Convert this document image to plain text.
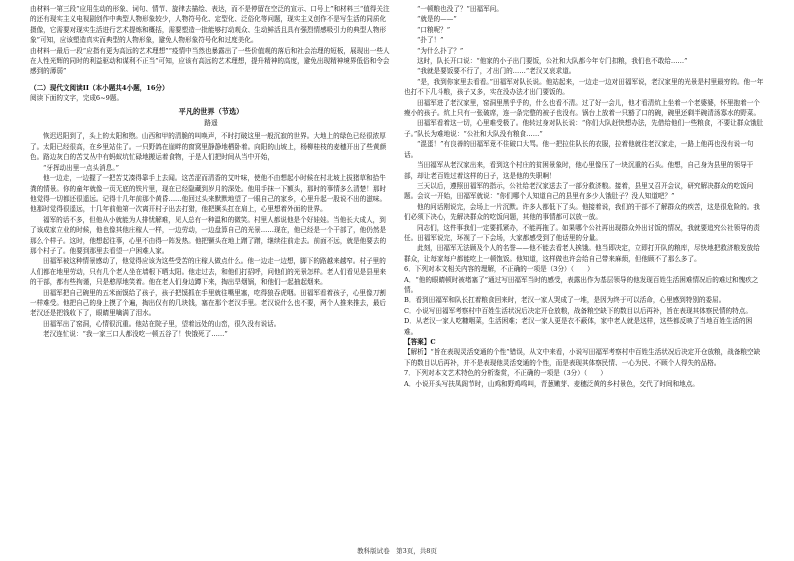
由材料一第三段“应用生动的形象、词句、情节、旋律去描绘、表达，而不是停留在空泛的宣示、口号上”和材料三“值得关注的还有现实主义电视剧创作中典型人物形象较少，人物符号化、定型化、泛俗化等问题，现实主义创作不是写生活的同质化摄像，它需要对现实生活进行艺术提炼和概括，需要塑造一批能够打动观众、生动鲜活且具有强烈情感吸引力的典型人物形象”可知，应该塑造真实而典型的人物形象，避免人物形象符号化和过度美化。

由材料一最后一段“应指有更为高远的艺术理想”“疫情中当然也暴露出了一些价值观的落后和社会治理的短板，展现出一些人在人性光辉的同时的利益驱动和谋利不正当”可知，应该有高远的艺术理想，提升精神的高度，避免出现精神境界低俗和令会感到的薄弱”

（二）现代文阅读II（本小题共4小题，16分）

阅读下面的文字，完成6~9题。

平凡的世界（节选）
路遥

恢迟迟阳到了，头上的太阳和煦。山西和甲的清脆的叫唤声，不时打破这里一般沉寂的世界。大地上的绿色已经很浓厚了。太阳已经很高，在乡里站住了。一只野鸽在崖畔的窗窝里静静地栖卧着。向阳的山坡上，杨柳桂枝的麦穗开出了些黄颜色。路边灰白的苦艾丛中有蚂蚁坑忙碌地搬运着食物，于是人们把时间从当中开始，

“牙挥动出里一点头消息。”

他一边走，一边握了一把苦艾凑得靠手上去闻。这苦涩而清香的艾叶味，使他不由想起小时候在村北坡上拔猪草和拾牛粪的情景。你的童年就像一页无底的铁片里，现在已经隐藏到岁月的深处。他用手抹一下额头，那时的事情多么清楚！那时他觉得一切都还很遥远。记得十几年前那个黄昏……他回过头来默默地望了一眼自己的家乡，心里升起一股说不出的滋味。他那时觉得很遥远，十几年前他第一次离开村子出去打猎，他把镢头扛在肩上，心里想着外面的世界。

福军的话不多，但他从小就能为人排忧解难，见人总有一种温和的微笑。村里人都说他是个好娃娃。当他长大成人，到了该成家立业的时候，他也像其他庄稼人一样，一边劳动，一边盘算自己的光景……现在，他已经是一个干部了，他仍然是那么个样子。这时，他想起往事，心里不由得一阵发热。他把镢头在地上蹭了蹭，继续往前走去。前面不远，就是他要去的那个村子了。他要到那里去看望一户困难人家。

田福军被这种情景感动了，他觉得应该为这些受苦的庄稼人做点什么。他一边走一边想，脚下的路越来越窄。村子里的人们都在地里劳动，只有几个老人坐在墙根下晒太阳。他走过去，和他们打招呼，问他们的光景怎样。老人们看见是县里来的干部，都有些拘谨，只是憨厚地笑着。他在老人们身边蹲下来，掏出旱烟锅，和他们一起抽起烟来。

田福军把自己碗里的五米面馍给了孩子，孩子把馍抓在手里就往嘴里塞，吃得狼吞虎咽。田福军看着孩子，心里像刀割一样难受。他把自己的身上摸了个遍，掏出仅有的几块钱，塞在那个老汉手里。老汉说什么也不要，两个人推来推去，最后老汉还是把钱收下了，眼睛里噙满了泪水。

田福军出了窑洞，心情很沉重。他站在院子里，望着远处的山峦，很久没有说话。

老汉连忙说：“我一家三口人都没吃一顿五谷了！快饿死了……”

“一顿粮也没了？”田福军问。

“就是的——”

“口粮呢？”

“扑了！”

“为什么扑了？”

这时，队长开口说：“他家的小子出门要饭，公社和大队都今年专门扣粮，我们也不敢给……”

“我就是要饭要不行了，才出门的……”老汉又哀求道。

“是，我到你家里去看看。”田福军对队长说。他站起来，一边走一边对田福军说，老汉家里的光景是村里最穷的。他一年也打不下几斗粮，孩子又多，实在没办法才出门要饭的。

田福军进了老汉家里，窑洞里黑乎乎的，什么也看不清。过了好一会儿，他才看清炕上坐着一个老婆婆，怀里抱着一个瘦小的孩子。炕上只有一张破席，连一条完整的被子也没有。锅台上放着一只豁了口的碗，碗里还剩半碗清汤寡水的野菜。

田福军看着这一切，心里难受极了。他转过身对队长说：“你们大队赶快想办法，先借给他们一些粮食，不要让群众饿肚子。”队长为难地说：“公社和大队没有粮食……”

“混蛋！”有良善的田福军竟不住破口大骂。他一把拉住队长的衣服，拉着他就往老汉家走，一路上他再也没有说一句话。

当田福军从老汉家出来，看到这个村庄的贫困景象时，他心里像压了一块沉重的石头。他想，自己身为县里的领导干部，却让老百姓过着这样的日子，这是他的失职啊！

三天以后，遵照田福军的指示，公社给老汉家送去了一部分救济粮。接着，县里又召开会议，研究解决群众的吃饭问题。会议一开始，田福军就说：“你们哪个人知道自己的县里有多少人饿肚子？没人知道吧？”

他的问话刚说完，会场上一片沉默。许多人都低下了头。他接着说，我们的干部不了解群众的疾苦，这是很危险的。我们必须下决心，先解决群众的吃饭问题，其他的事情都可以放一放。

同志们，这件事我们一定要抓紧办，不能再拖了。如果哪个公社再出现群众外出讨饭的情况，我就要追究公社领导的责任。田福军说完，环视了一下会场，大家都感受到了他话里的分量。

此刻，田福军无法顾及个人的名誉——他不能去看老人挨饿。他当即决定，立即打开队的粮库，尽快地把救济粮发放给群众，让每家每户都能吃上一顿饱饭。他知道，这样做也许会给自己带来麻烦，但他顾不了那么多了。

6．下列对本文相关内容的理解，不正确的一项是（3分）（　　）

A．“他的眼睛顿时被堵塞了”通过写田福军当时的感受，表露出作为基层领导的他发现百姓生活困难情况后的难过和愧疚之情。

B．看到田福军和队长扛着粮食回来时，老汉一家人哭成了一堆，是因为终于可以活命，心里感到特别的委屈。

C．小说写田福军考察村中百姓生活状况后决定开仓放粮，战备粮空缺下的数目以后再补，旨在表现其体察民情的特点。

D．从老汉一家人吃糠咽菜，生活困难；老汉一家人更是衣不蔽体，家中老人就是这样，这些都反映了当地百姓生活的困难。

【答案】C

【解析】“旨在表现灵活变通的个性”错误，从文中来看，小说写田福军考察村中百姓生活状况后决定开仓放粮，战备粮空缺下的数目以后再补，并不是表现他灵活变通的个性，而是表现其体察民情、一心为民、不顾个人得失的品格。

7．下列对本文艺术特色的分析鉴赏，不正确的一项是（3分）（　　）

A．小说开头写扶凤阁节时，山鸡和野鸡鸣叫，青葱嫩芽、麦穗泛黄的乡村景色，交代了时间和地点。

教科版试卷　第3页，共8页
